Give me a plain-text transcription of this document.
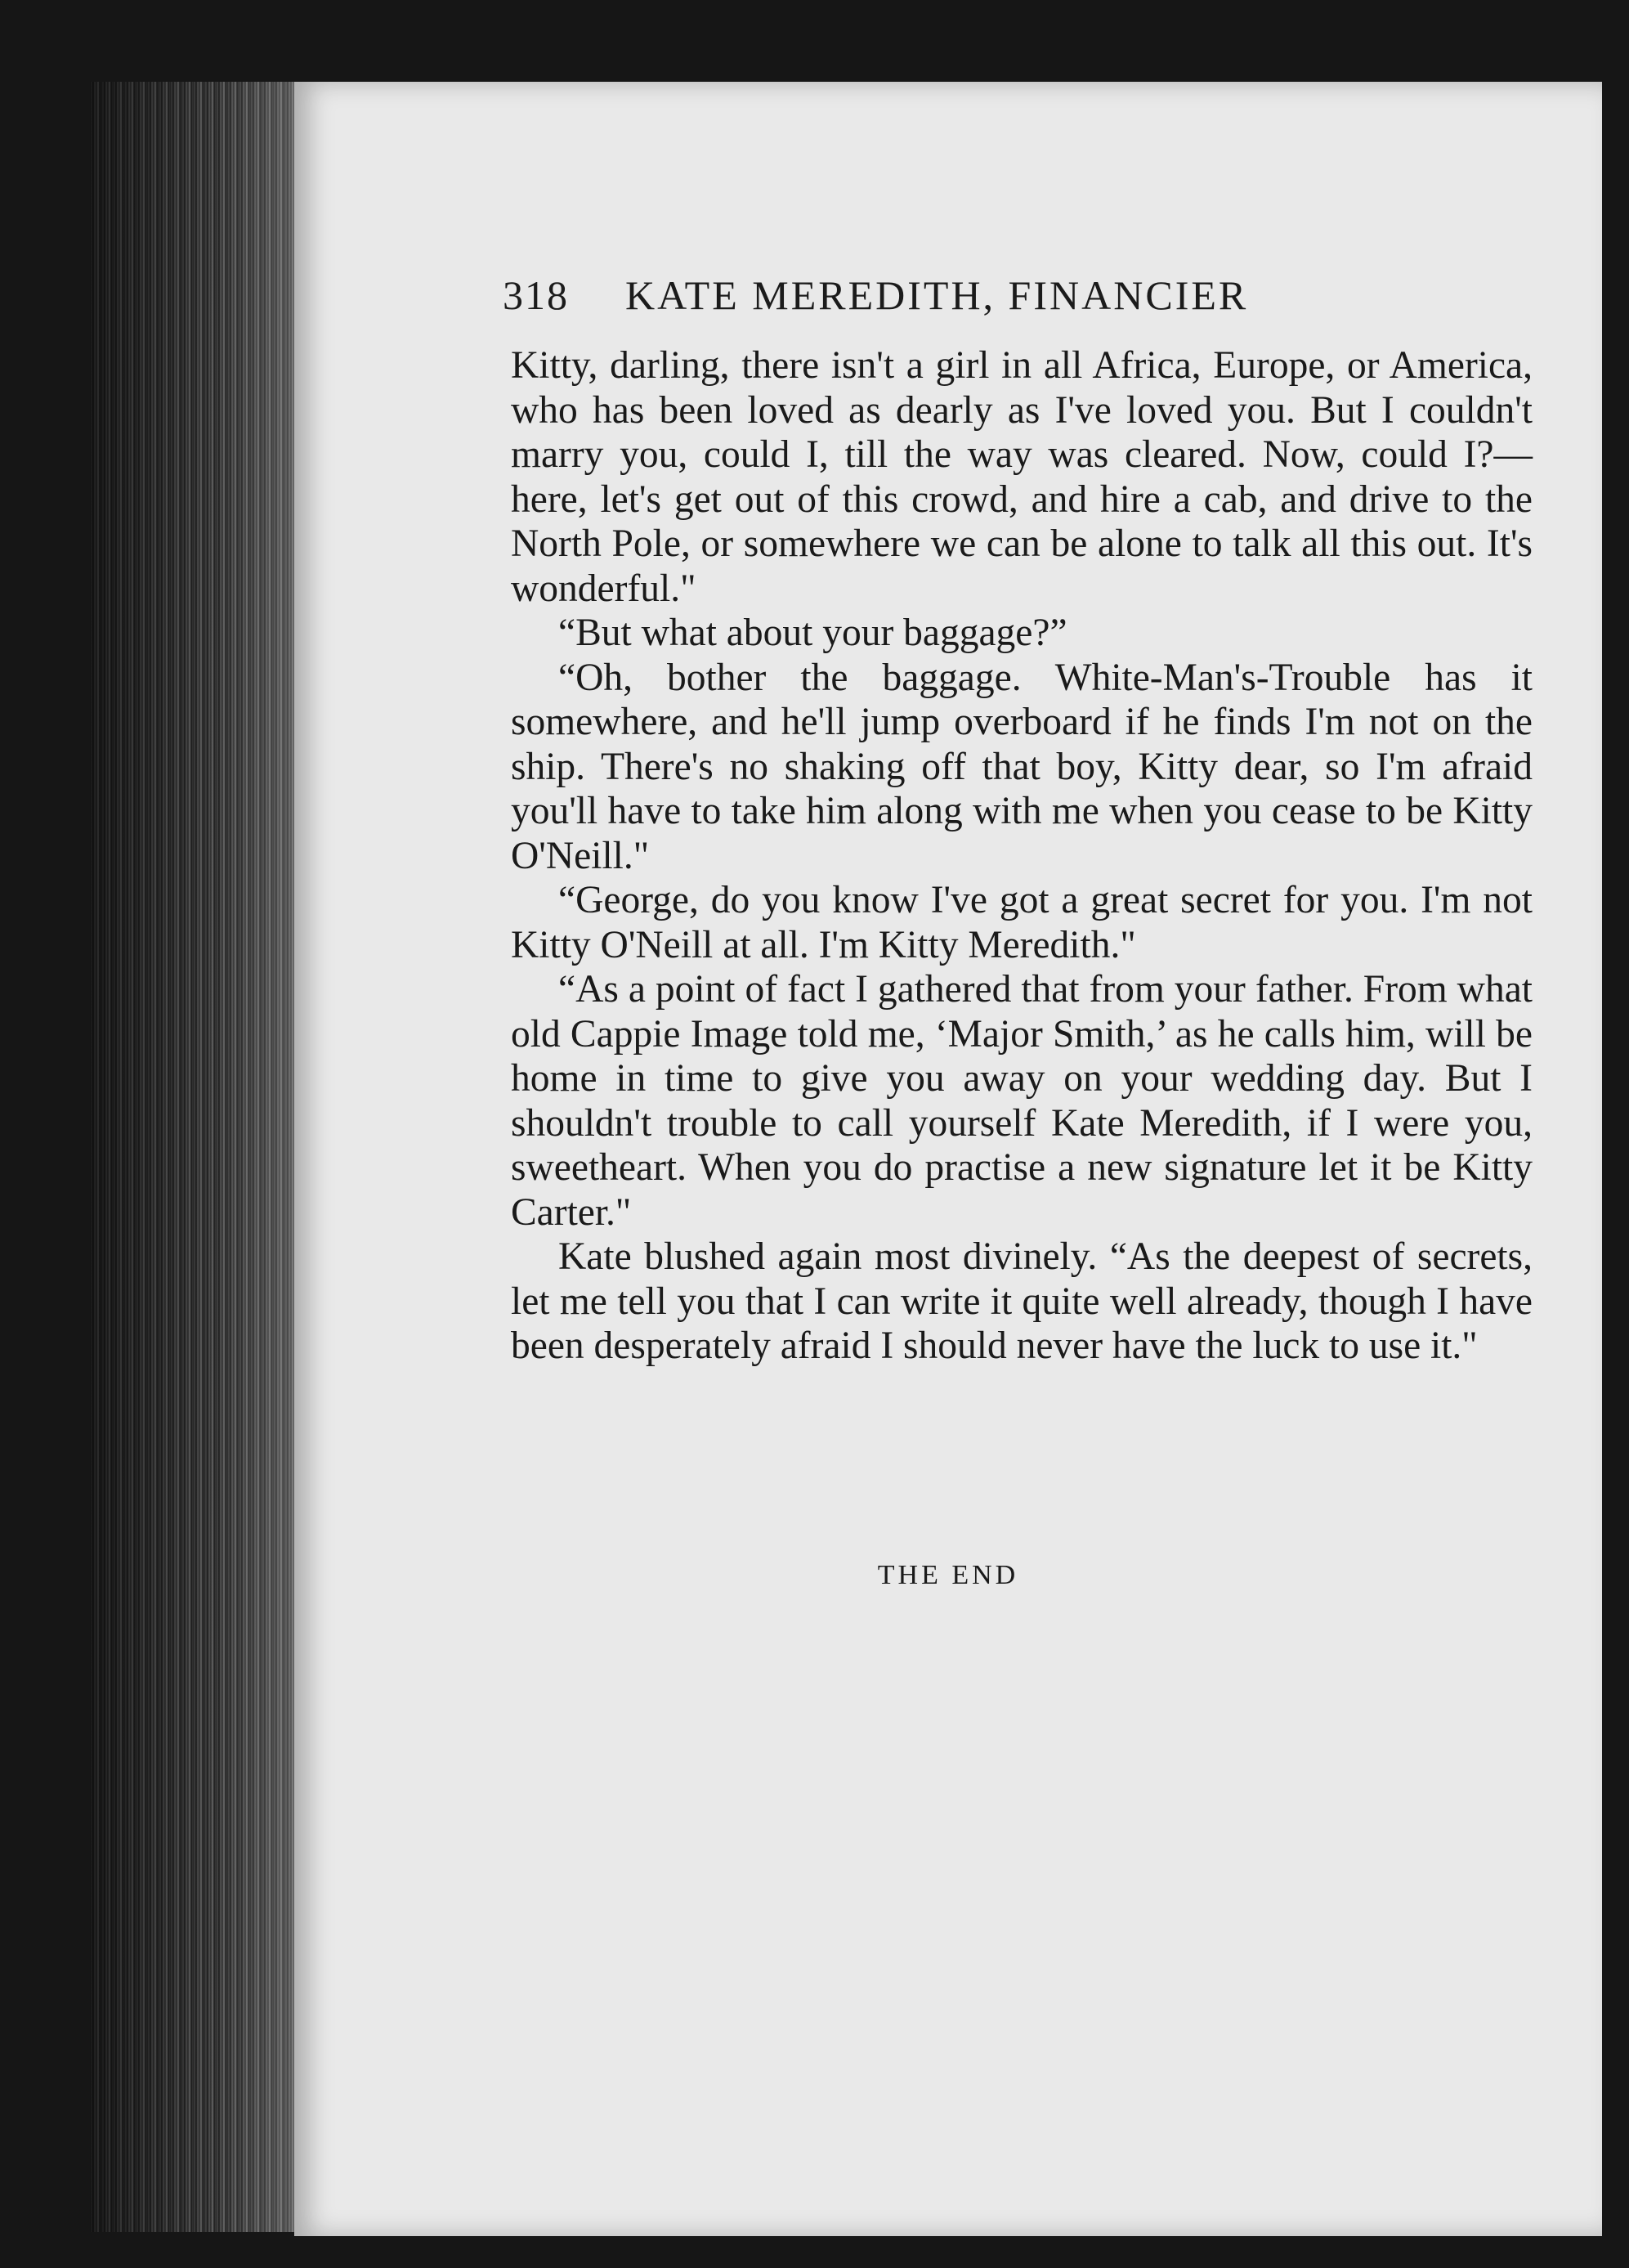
318	KATE MEREDITH, FINANCIER

Kitty, darling, there isn't a girl in all Africa, Europe, or America, who has been loved as dearly as I've loved you. But I couldn't marry you, could I, till the way was cleared. Now, could I?—here, let's get out of this crowd, and hire a cab, and drive to the North Pole, or somewhere we can be alone to talk all this out. It's wonderful."

“But what about your baggage?”

“Oh, bother the baggage. White-Man's-Trouble has it somewhere, and he'll jump overboard if he finds I'm not on the ship. There's no shaking off that boy, Kitty dear, so I'm afraid you'll have to take him along with me when you cease to be Kitty O'Neill."

“George, do you know I've got a great secret for you. I'm not Kitty O'Neill at all. I'm Kitty Meredith."

“As a point of fact I gathered that from your father. From what old Cappie Image told me, ‘Major Smith,’ as he calls him, will be home in time to give you away on your wedding day. But I shouldn't trouble to call yourself Kate Meredith, if I were you, sweetheart. When you do practise a new signature let it be Kitty Carter."

Kate blushed again most divinely. “As the deepest of secrets, let me tell you that I can write it quite well already, though I have been desperately afraid I should never have the luck to use it."

THE END
